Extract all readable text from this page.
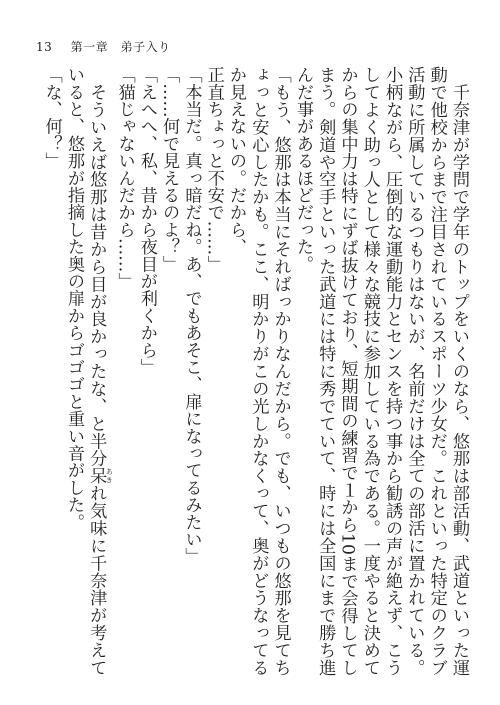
13 第一章　弟子入り

　千奈津が学問で学年のトップをいくのなら、悠那は部活動、武道といった運動で他校からまで注目されているスポーツ少女だ。これといった特定のクラブ活動に所属しているつもりはないが、名前だけは全ての部活に置かれている。小柄ながら、圧倒的な運動能力とセンスを持つ事から勧誘の声が絶えず、こうしてよく助っ人として様々な競技に参加している為である。一度やると決めてからの集中力は特にずば抜けており、短期間の練習で１から10まで会得してしまう。剣道や空手といった武道には特に秀でていて、時には全国にまで勝ち進んだ事があるほどだった。

「もう、悠那は本当にそればっかりなんだから。でも、いつもの悠那を見てちょっと安心したかも。ここ、明かりがこの光しかなくって、奥がどうなってるか見えないの。だから、

正直ちょっと不安で……」

「本当だ。真っ暗だね。あ、でもあそこ、扉になってるみたい」

「……何で見えるのよ？」

「えへへ、私、昔から夜目が利くから」

「猫じゃないんだから……」

　そういえば悠那は昔から目が良かったな、と半分呆 あきれ気味に千奈津が考えていると、悠那が指摘した奥の扉からゴゴゴと重い音がした。

「な、何？」
